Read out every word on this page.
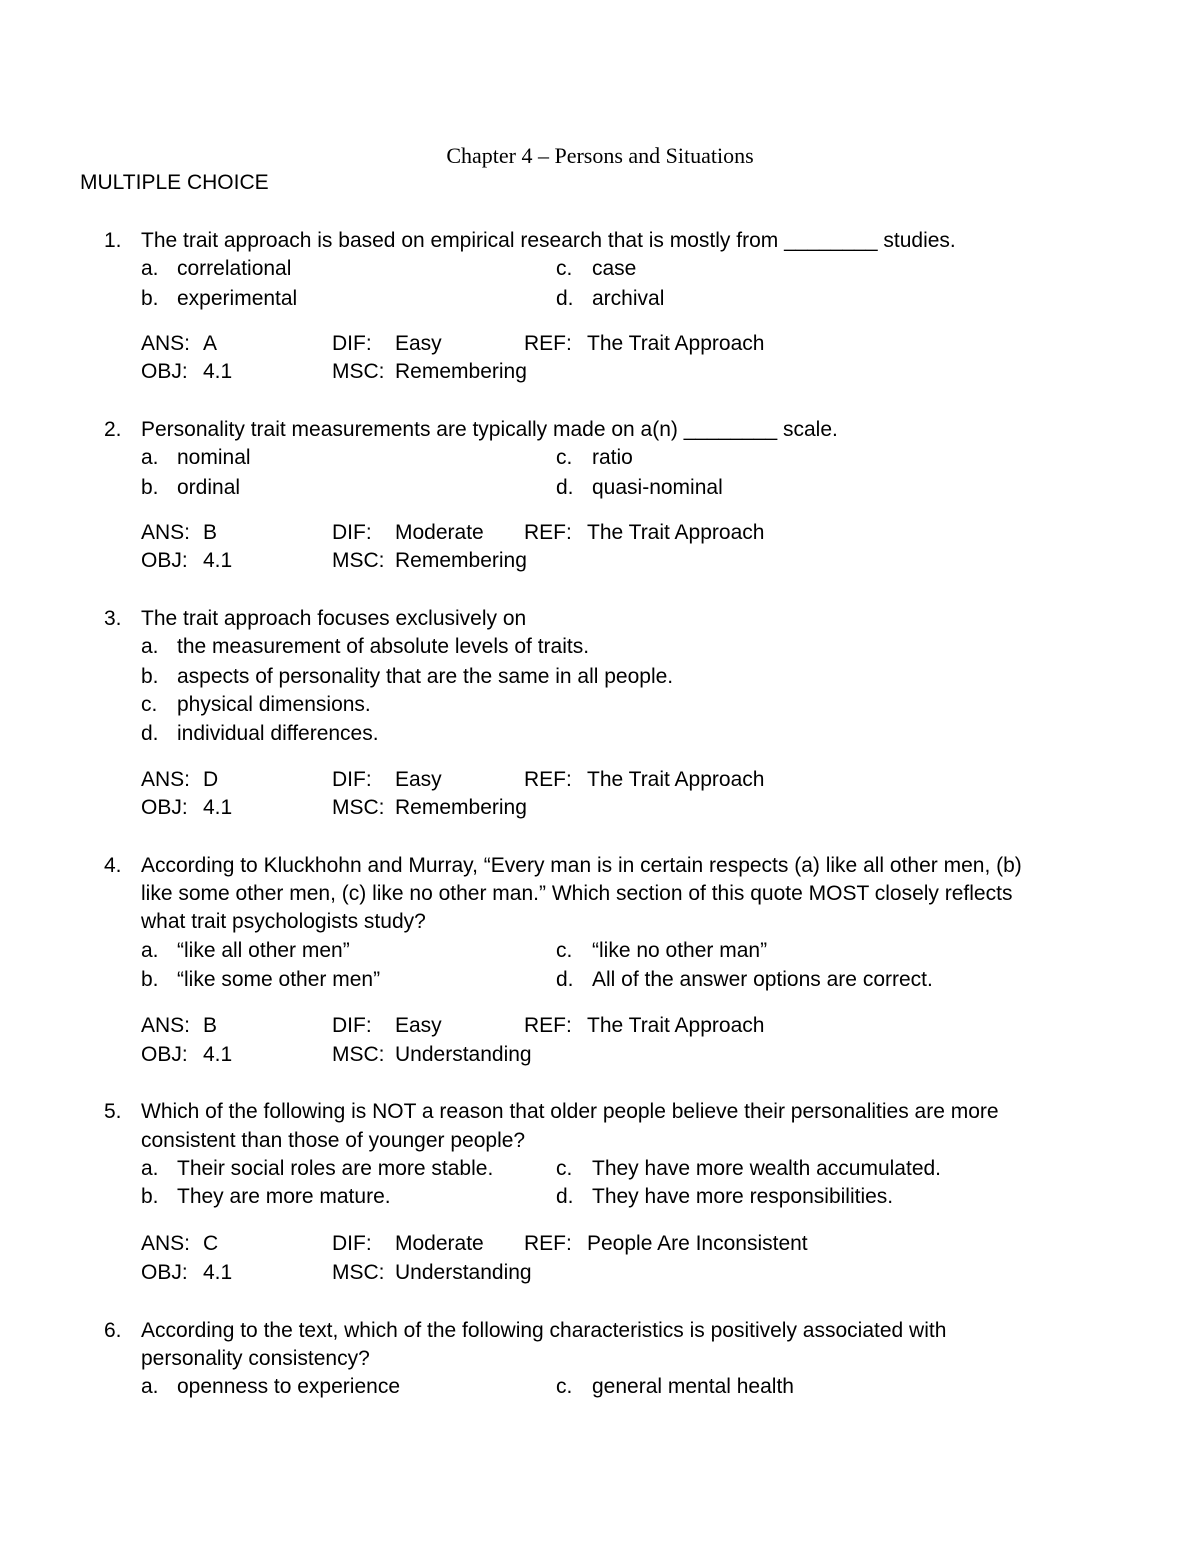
Chapter 4 – Persons and Situations
MULTIPLE CHOICE
1. The trait approach is based on empirical research that is mostly from ________ studies.
a. correlational	c. case
b. experimental	d. archival
ANS: A	DIF: Easy	REF: The Trait Approach
OBJ: 4.1	MSC: Remembering
2. Personality trait measurements are typically made on a(n) ________ scale.
a. nominal	c. ratio
b. ordinal	d. quasi-nominal
ANS: B	DIF: Moderate REF: The Trait Approach
OBJ: 4.1	MSC: Remembering
3. The trait approach focuses exclusively on
a. the measurement of absolute levels of traits.
b. aspects of personality that are the same in all people.
c. physical dimensions.
d. individual differences.
ANS: D	DIF: Easy	REF: The Trait Approach
OBJ: 4.1	MSC: Remembering
4. According to Kluckhohn and Murray, “Every man is in certain respects (a) like all other men, (b)
like some other men, (c) like no other man.” Which section of this quote MOST closely reflects
what trait psychologists study?
a. “like all other men”	c. “like no other man”
b. “like some other men”	d. All of the answer options are correct.
ANS: B	DIF: Easy	REF: The Trait Approach
OBJ: 4.1	MSC: Understanding
5. Which of the following is NOT a reason that older people believe their personalities are more
consistent than those of younger people?
a. Their social roles are more stable.	c. They have more wealth accumulated.
b. They are more mature.	d. They have more responsibilities.
ANS: C	DIF: Moderate REF: People Are Inconsistent
OBJ: 4.1	MSC: Understanding
6. According to the text, which of the following characteristics is positively associated with
personality consistency?
a. openness to experience	c. general mental health
